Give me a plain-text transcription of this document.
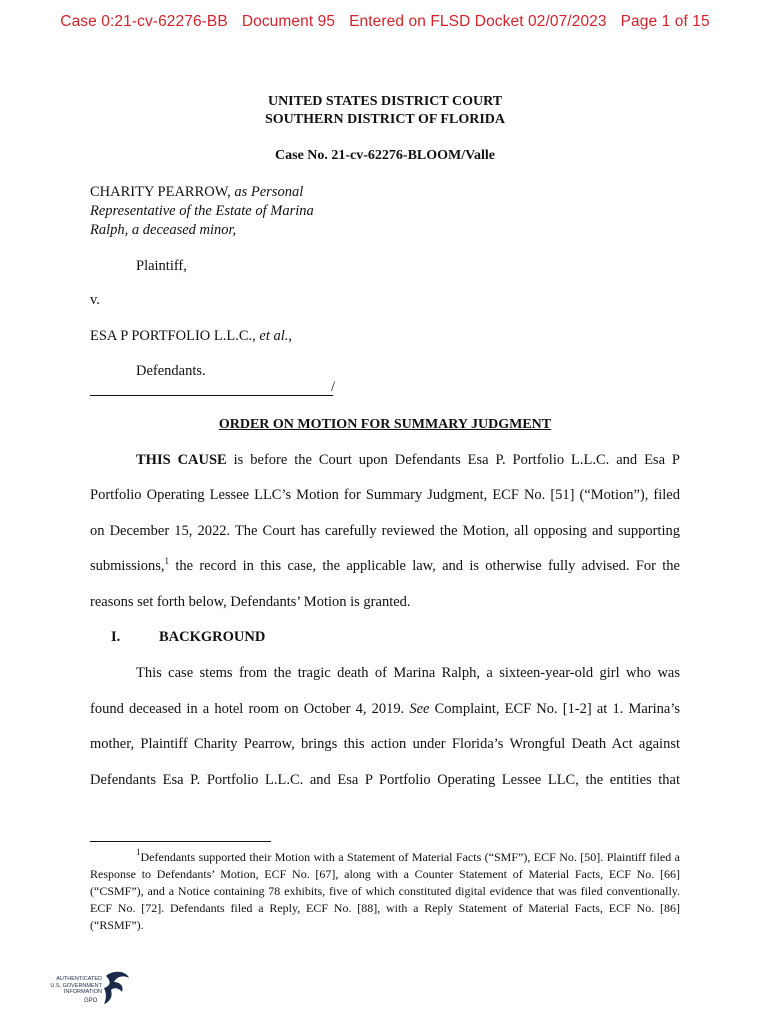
Case 0:21-cv-62276-BB Document 95 Entered on FLSD Docket 02/07/2023 Page 1 of 15
UNITED STATES DISTRICT COURT
SOUTHERN DISTRICT OF FLORIDA
Case No. 21-cv-62276-BLOOM/Valle
CHARITY PEARROW, as Personal
Representative of the Estate of Marina
Ralph, a deceased minor,
Plaintiff,
v.
ESA P PORTFOLIO L.L.C., et al.,
Defendants.
/
ORDER ON MOTION FOR SUMMARY JUDGMENT
THIS CAUSE is before the Court upon Defendants Esa P. Portfolio L.L.C. and Esa P
Portfolio Operating Lessee LLC’s Motion for Summary Judgment, ECF No. [51] (“Motion”), filed
on December 15, 2022. The Court has carefully reviewed the Motion, all opposing and supporting
submissions,$^1$ the record in this case, the applicable law, and is otherwise fully advised. For the
reasons set forth below, Defendants’ Motion is granted.
I.	BACKGROUND
This case stems from the tragic death of Marina Ralph, a sixteen-year-old girl who was
found deceased in a hotel room on October 4, 2019. See Complaint, ECF No. [1-2] at 1. Marina’s
mother, Plaintiff Charity Pearrow, brings this action under Florida’s Wrongful Death Act against
Defendants Esa P. Portfolio L.L.C. and Esa P Portfolio Operating Lessee LLC, the entities that
$^1$Defendants supported their Motion with a Statement of Material Facts (“SMF”), ECF No. [50]. Plaintiff filed a Response to Defendants’ Motion, ECF No. [67], along with a Counter Statement of Material Facts, ECF No. [66] (“CSMF”), and a Notice containing 78 exhibits, five of which constituted digital evidence that was filed conventionally. ECF No. [72]. Defendants filed a Reply, ECF No. [88], with a Reply Statement of Material Facts, ECF No. [86] (“RSMF”).
AUTHENTICATED
U.S. GOVERNMENT
INFORMATION
GPO
